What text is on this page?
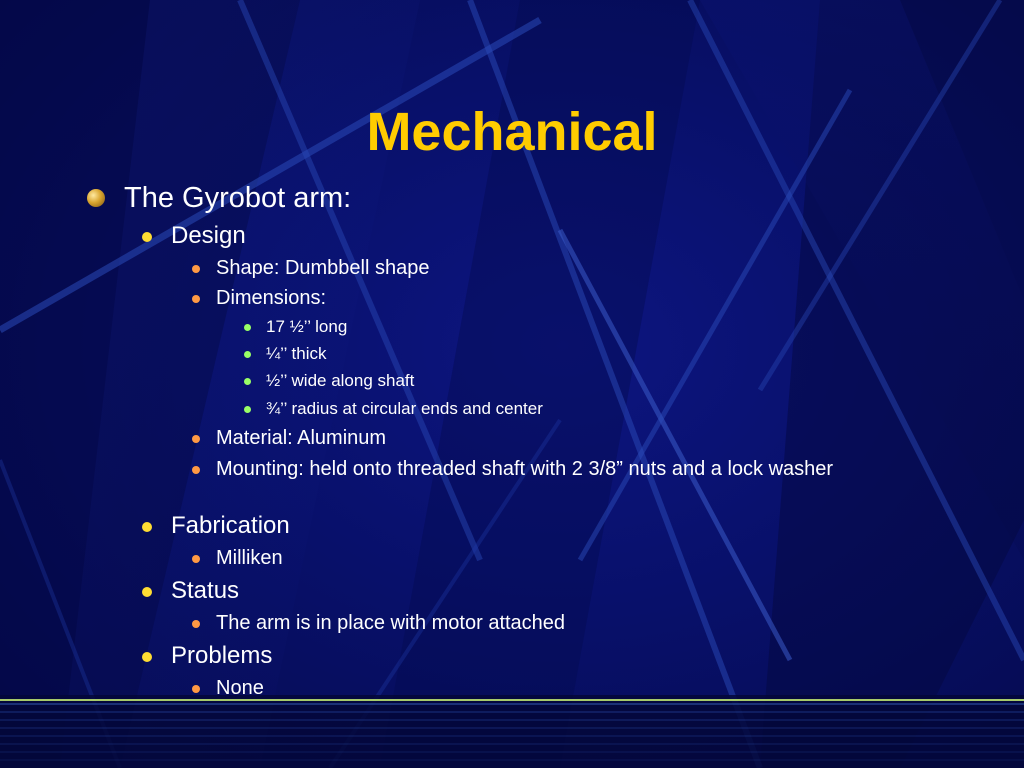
Mechanical
The Gyrobot arm:
Design
Shape: Dumbbell shape
Dimensions:
17 ½’’ long
¼’’ thick
½’’ wide along shaft
¾’’ radius at circular ends and center
Material: Aluminum
Mounting: held onto threaded shaft with 2 3/8” nuts and a lock washer
Fabrication
Milliken
Status
The arm is in place with motor attached
Problems
None
